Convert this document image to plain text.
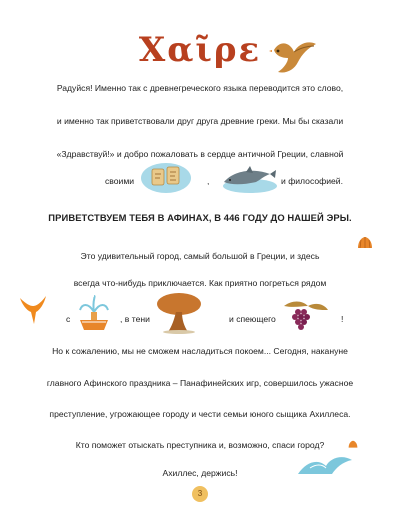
Χαῖρε
Радуйся! Именно так с древнегреческого языка переводится это слово,
и именно так приветствовали друг друга древние греки. Мы бы сказали
«Здравствуй!» и добро пожаловать в сердце античной Греции, славной
своими	,	и философией.
ПРИВЕТСТВУЕМ ТЕБЯ В АФИНАХ, В 446 ГОДУ ДО НАШЕЙ ЭРЫ.
Это удивительный город, самый большой в Греции, и здесь
всегда что-нибудь приключается. Как приятно погреться рядом
с	, в тени	и спеющего	!
Но к сожалению, мы не сможем насладиться покоем... Сегодня, накануне
главного Афинского праздника – Панафинейских игр, совершилось ужасное
преступление, угрожающее городу и чести семьи юного сыщика Ахиллеса.
Кто поможет отыскать преступника и, возможно, спаси город?
Ахиллес, держись!
3
